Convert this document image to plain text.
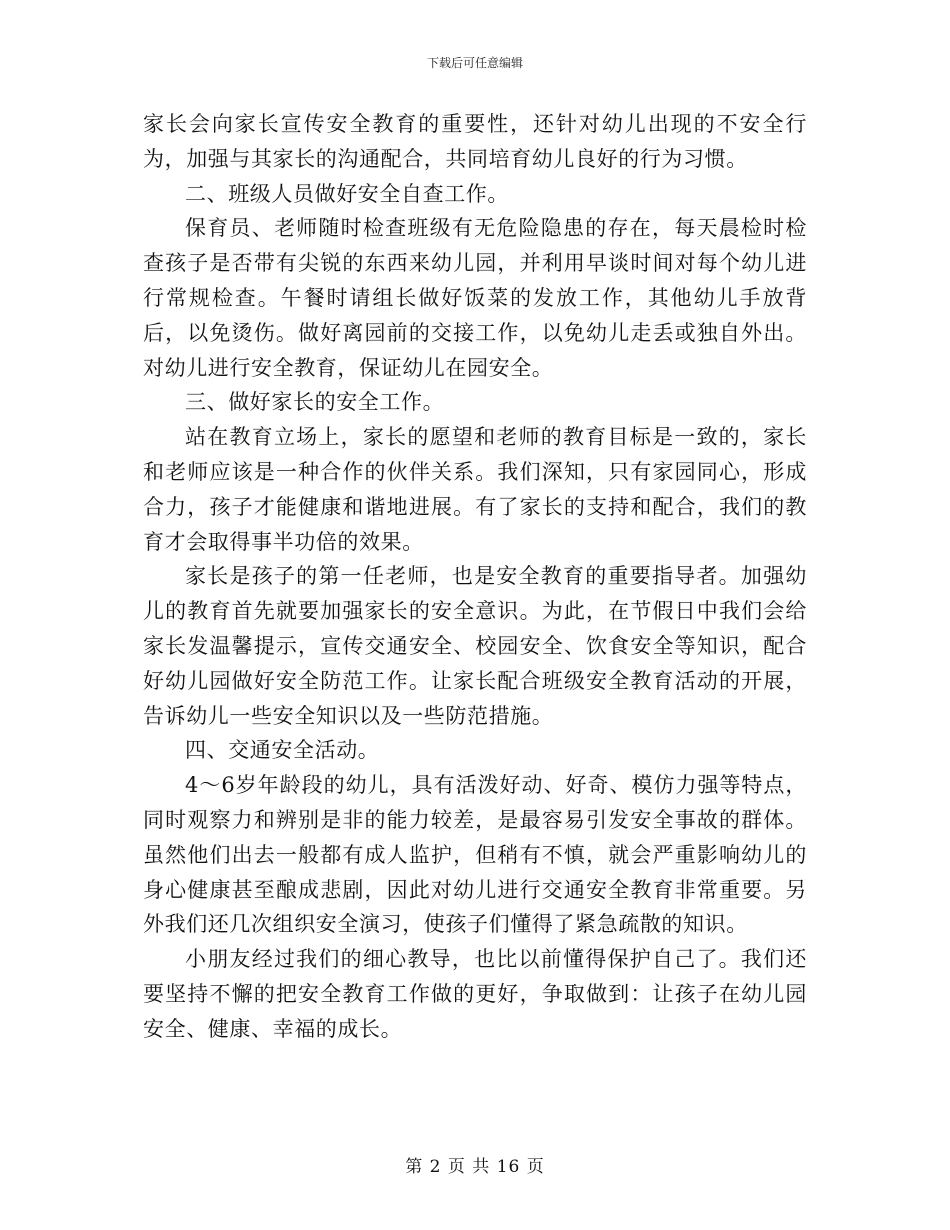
下载后可任意编辑

家长会向家长宣传安全教育的重要性，还针对幼儿出现的不安全行为，加强与其家长的沟通配合，共同培育幼儿良好的行为习惯。

二、班级人员做好安全自查工作。

保育员、老师随时检查班级有无危险隐患的存在，每天晨检时检查孩子是否带有尖锐的东西来幼儿园，并利用早谈时间对每个幼儿进行常规检查。午餐时请组长做好饭菜的发放工作，其他幼儿手放背后，以免烫伤。做好离园前的交接工作，以免幼儿走丢或独自外出。对幼儿进行安全教育，保证幼儿在园安全。

三、做好家长的安全工作。

站在教育立场上，家长的愿望和老师的教育目标是一致的，家长和老师应该是一种合作的伙伴关系。我们深知，只有家园同心，形成合力，孩子才能健康和谐地进展。有了家长的支持和配合，我们的教育才会取得事半功倍的效果。

家长是孩子的第一任老师，也是安全教育的重要指导者。加强幼儿的教育首先就要加强家长的安全意识。为此，在节假日中我们会给家长发温馨提示，宣传交通安全、校园安全、饮食安全等知识，配合好幼儿园做好安全防范工作。让家长配合班级安全教育活动的开展，告诉幼儿一些安全知识以及一些防范措施。

四、交通安全活动。

4～6岁年龄段的幼儿，具有活泼好动、好奇、模仿力强等特点，同时观察力和辨别是非的能力较差，是最容易引发安全事故的群体。虽然他们出去一般都有成人监护，但稍有不慎，就会严重影响幼儿的身心健康甚至酿成悲剧，因此对幼儿进行交通安全教育非常重要。另外我们还几次组织安全演习，使孩子们懂得了紧急疏散的知识。

小朋友经过我们的细心教导，也比以前懂得保护自己了。我们还要坚持不懈的把安全教育工作做的更好，争取做到：让孩子在幼儿园安全、健康、幸福的成长。

第 2 页 共 16 页
